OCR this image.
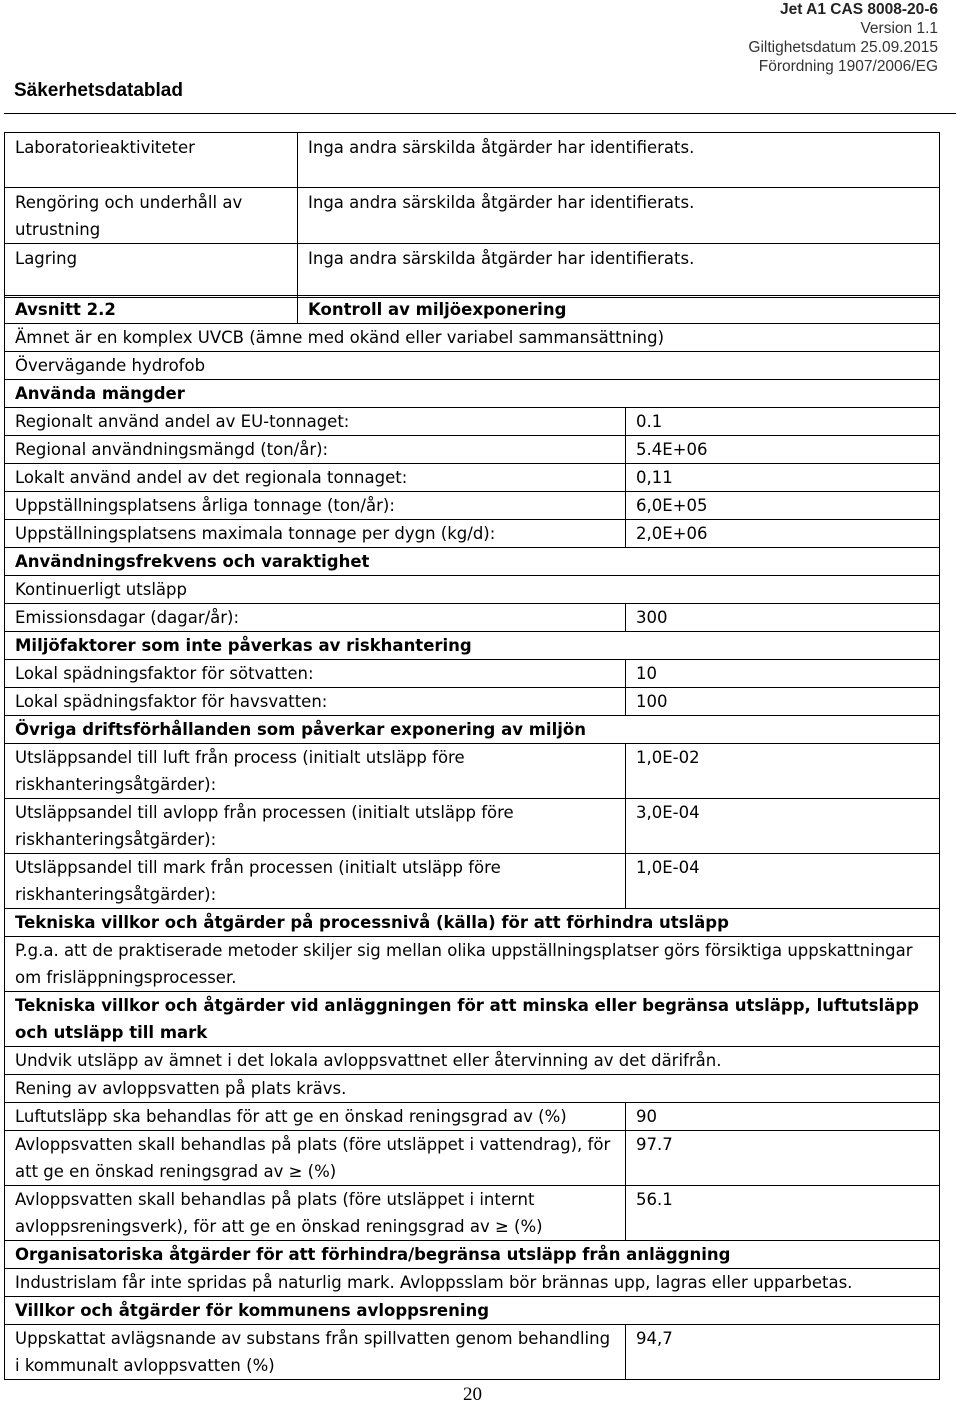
Säkerhetsdatablad
Jet A1 CAS 8008-20-6
Version 1.1
Giltighetsdatum 25.09.2015
Förordning 1907/2006/EG
Laboratorieaktiviteter	Inga andra särskilda åtgärder har identifierats.
Rengöring och underhåll av utrustning	Inga andra särskilda åtgärder har identifierats.
Lagring	Inga andra särskilda åtgärder har identifierats.
Avsnitt 2.2	Kontroll av miljöexponering	
Ämnet är en komplex UVCB (ämne med okänd eller variabel sammansättning)		
Övervägande hydrofob		
Använda mängder		
Regionalt använd andel av EU-tonnaget:		0.1
Regional användningsmängd (ton/år):		5.4E+06
Lokalt använd andel av det regionala tonnaget:		0,11
Uppställningsplatsens årliga tonnage (ton/år):		6,0E+05
Uppställningsplatsens maximala tonnage per dygn (kg/d):		2,0E+06
Användningsfrekvens och varaktighet		
Kontinuerligt utsläpp		
Emissionsdagar (dagar/år):		300
Miljöfaktorer som inte påverkas av riskhantering		
Lokal spädningsfaktor för sötvatten:		10
Lokal spädningsfaktor för havsvatten:		100
Övriga driftsförhållanden som påverkar exponering av miljön		
Utsläppsandel till luft från process (initialt utsläpp före riskhanteringsåtgärder):		1,0E-02
Utsläppsandel till avlopp från processen (initialt utsläpp före riskhanteringsåtgärder):		3,0E-04
Utsläppsandel till mark från processen (initialt utsläpp före riskhanteringsåtgärder):		1,0E-04
Tekniska villkor och åtgärder på processnivå (källa) för att förhindra utsläpp		
P.g.a. att de praktiserade metoder skiljer sig mellan olika uppställningsplatser görs försiktiga uppskattningar om frisläppningsprocesser.		
Tekniska villkor och åtgärder vid anläggningen för att minska eller begränsa utsläpp, luftutsläpp och utsläpp till mark		
Undvik utsläpp av ämnet i det lokala avloppsvattnet eller återvinning av det därifrån.		
Rening av avloppsvatten på plats krävs.		
Luftutsläpp ska behandlas för att ge en önskad reningsgrad av (%)		90
Avloppsvatten skall behandlas på plats (före utsläppet i vattendrag), för att ge en önskad reningsgrad av ≥ (%)		97.7
Avloppsvatten skall behandlas på plats (före utsläppet i internt avloppsreningsverk), för att ge en önskad reningsgrad av ≥ (%)		56.1
Organisatoriska åtgärder för att förhindra/begränsa utsläpp från anläggning		
Industrislam får inte spridas på naturlig mark. Avloppsslam bör brännas upp, lagras eller upparbetas.		
Villkor och åtgärder för kommunens avloppsrening		
Uppskattat avlägsnande av substans från spillvatten genom behandling i kommunalt avloppsvatten (%)		94,7
20
